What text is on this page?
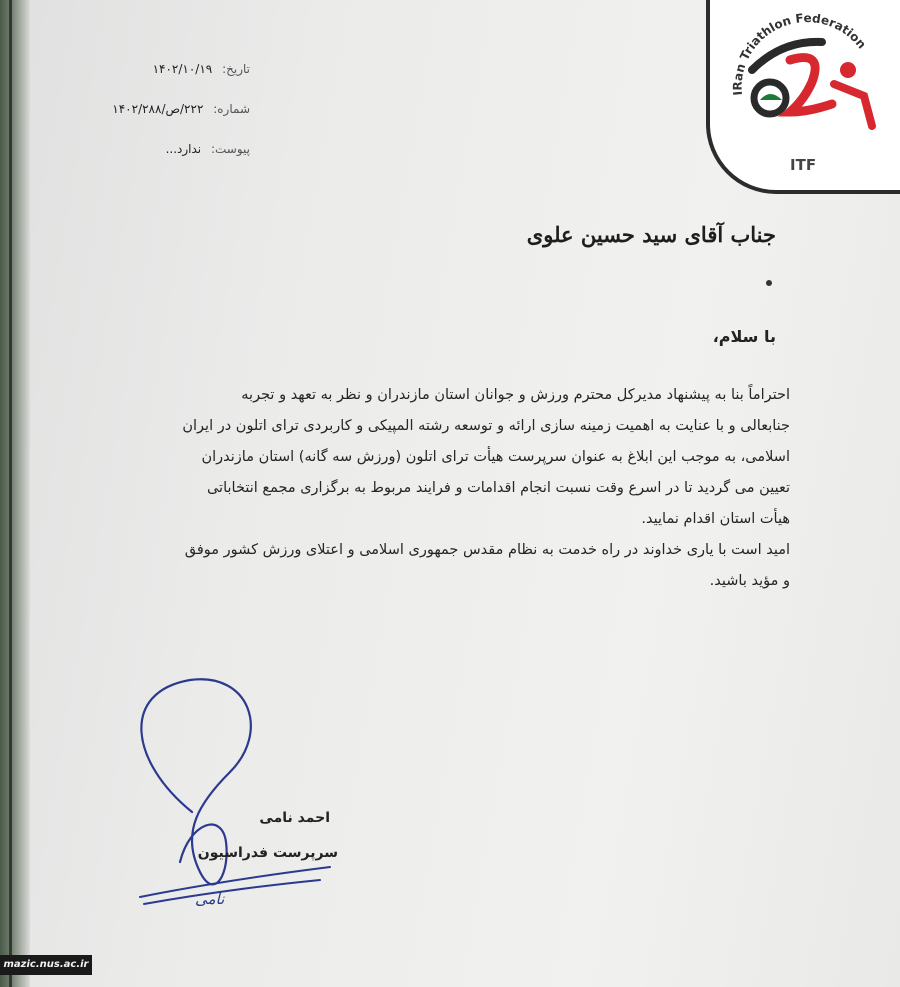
IRan Triathlon Federation
ITF
تاریخ: ۱۴۰۲/۱۰/۱۹
شماره: ۲۲۲/ص/۱۴۰۲/۲۸۸
پیوست: ندارد...
جناب آقای سید حسین علوی
با سلام،
احتراماً بنا به پیشنهاد مدیرکل محترم ورزش و جوانان استان مازندران و نظر به تعهد و تجربه
جنابعالی و با عنایت به اهمیت زمینه سازی ارائه و توسعه رشته المپیکی و کاربردی ترای اتلون در ایران
اسلامی، به موجب این ابلاغ به عنوان سرپرست هیأت ترای اتلون (ورزش سه گانه) استان مازندران
تعیین می گردید تا در اسرع وقت نسبت انجام اقدامات و فرایند مربوط به برگزاری مجمع انتخاباتی
هیأت استان اقدام نمایید.
امید است با یاری خداوند در راه خدمت به نظام مقدس جمهوری اسلامی و اعتلای ورزش کشور موفق
و مؤید باشید.
احمد نامی
سرپرست فدراسیون
نامی
mazic.nus.ac.ir
